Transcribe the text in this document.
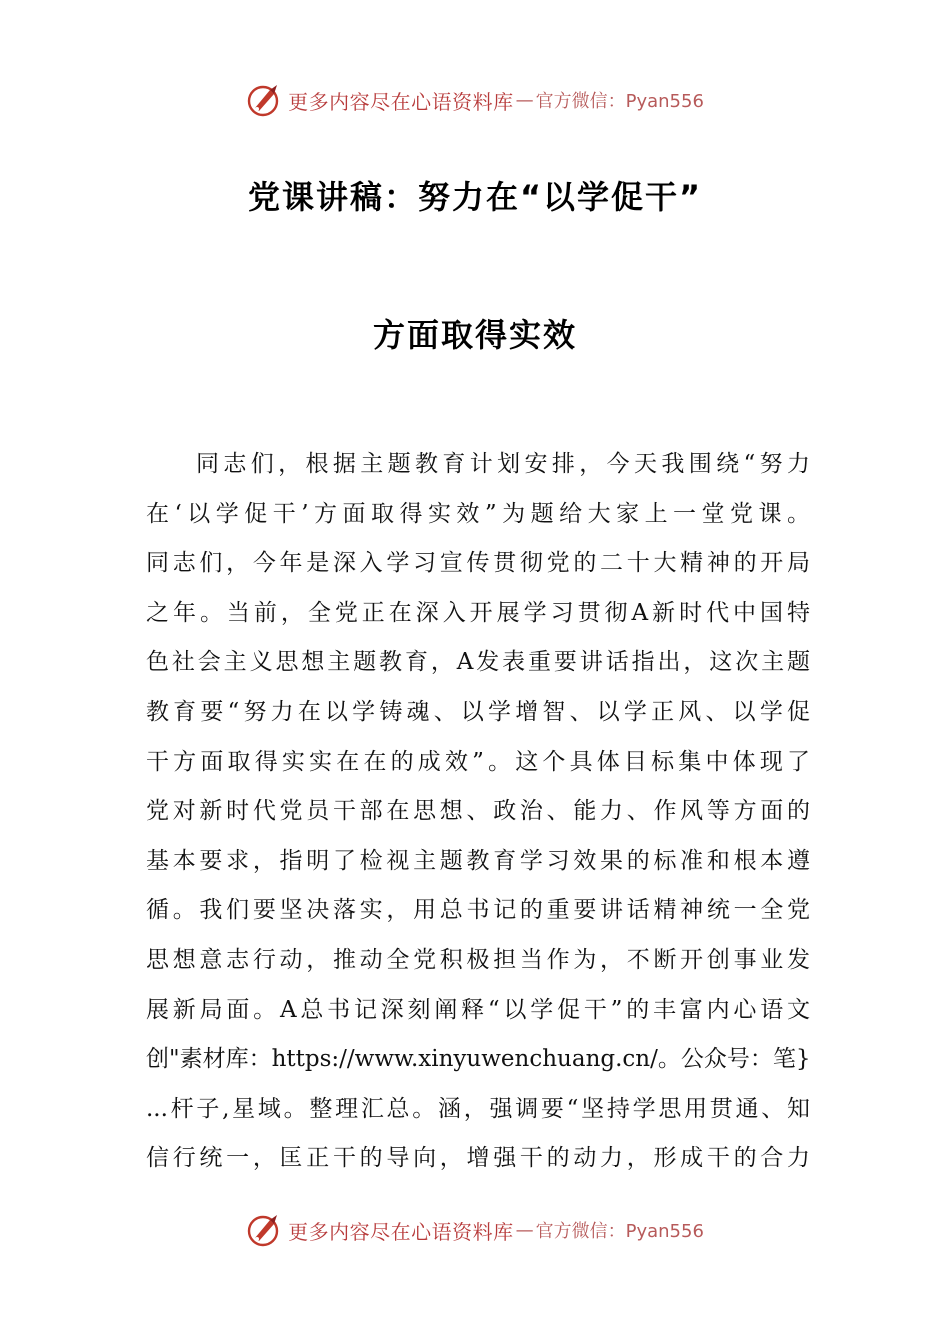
更多内容尽在心语资料库 — 官方微信：Pyan556
党课讲稿：努力在“以学促干”
方面取得实效
同志们，根据主题教育计划安排，今天我围绕“努力
在‘以学促干’方面取得实效”为题给大家上一堂党课。
同志们，今年是深入学习宣传贯彻党的二十大精神的开局
之年。当前，全党正在深入开展学习贯彻A新时代中国特
色社会主义思想主题教育，A发表重要讲话指出，这次主题
教育要“努力在以学铸魂、以学增智、以学正风、以学促
干方面取得实实在在的成效”。这个具体目标集中体现了
党对新时代党员干部在思想、政治、能力、作风等方面的
基本要求，指明了检视主题教育学习效果的标准和根本遵
循。我们要坚决落实，用总书记的重要讲话精神统一全党
思想意志行动，推动全党积极担当作为，不断开创事业发
展新局面。A总书记深刻阐释“以学促干”的丰富内心语文
创"素材库：https://www.xinyuwenchuang.cn/。公众号：笔}
...杆子,星域。整理汇总。涵，强调要“坚持学思用贯通、知
信行统一，匡正干的导向，增强干的动力，形成干的合力
更多内容尽在心语资料库 — 官方微信：Pyan556
